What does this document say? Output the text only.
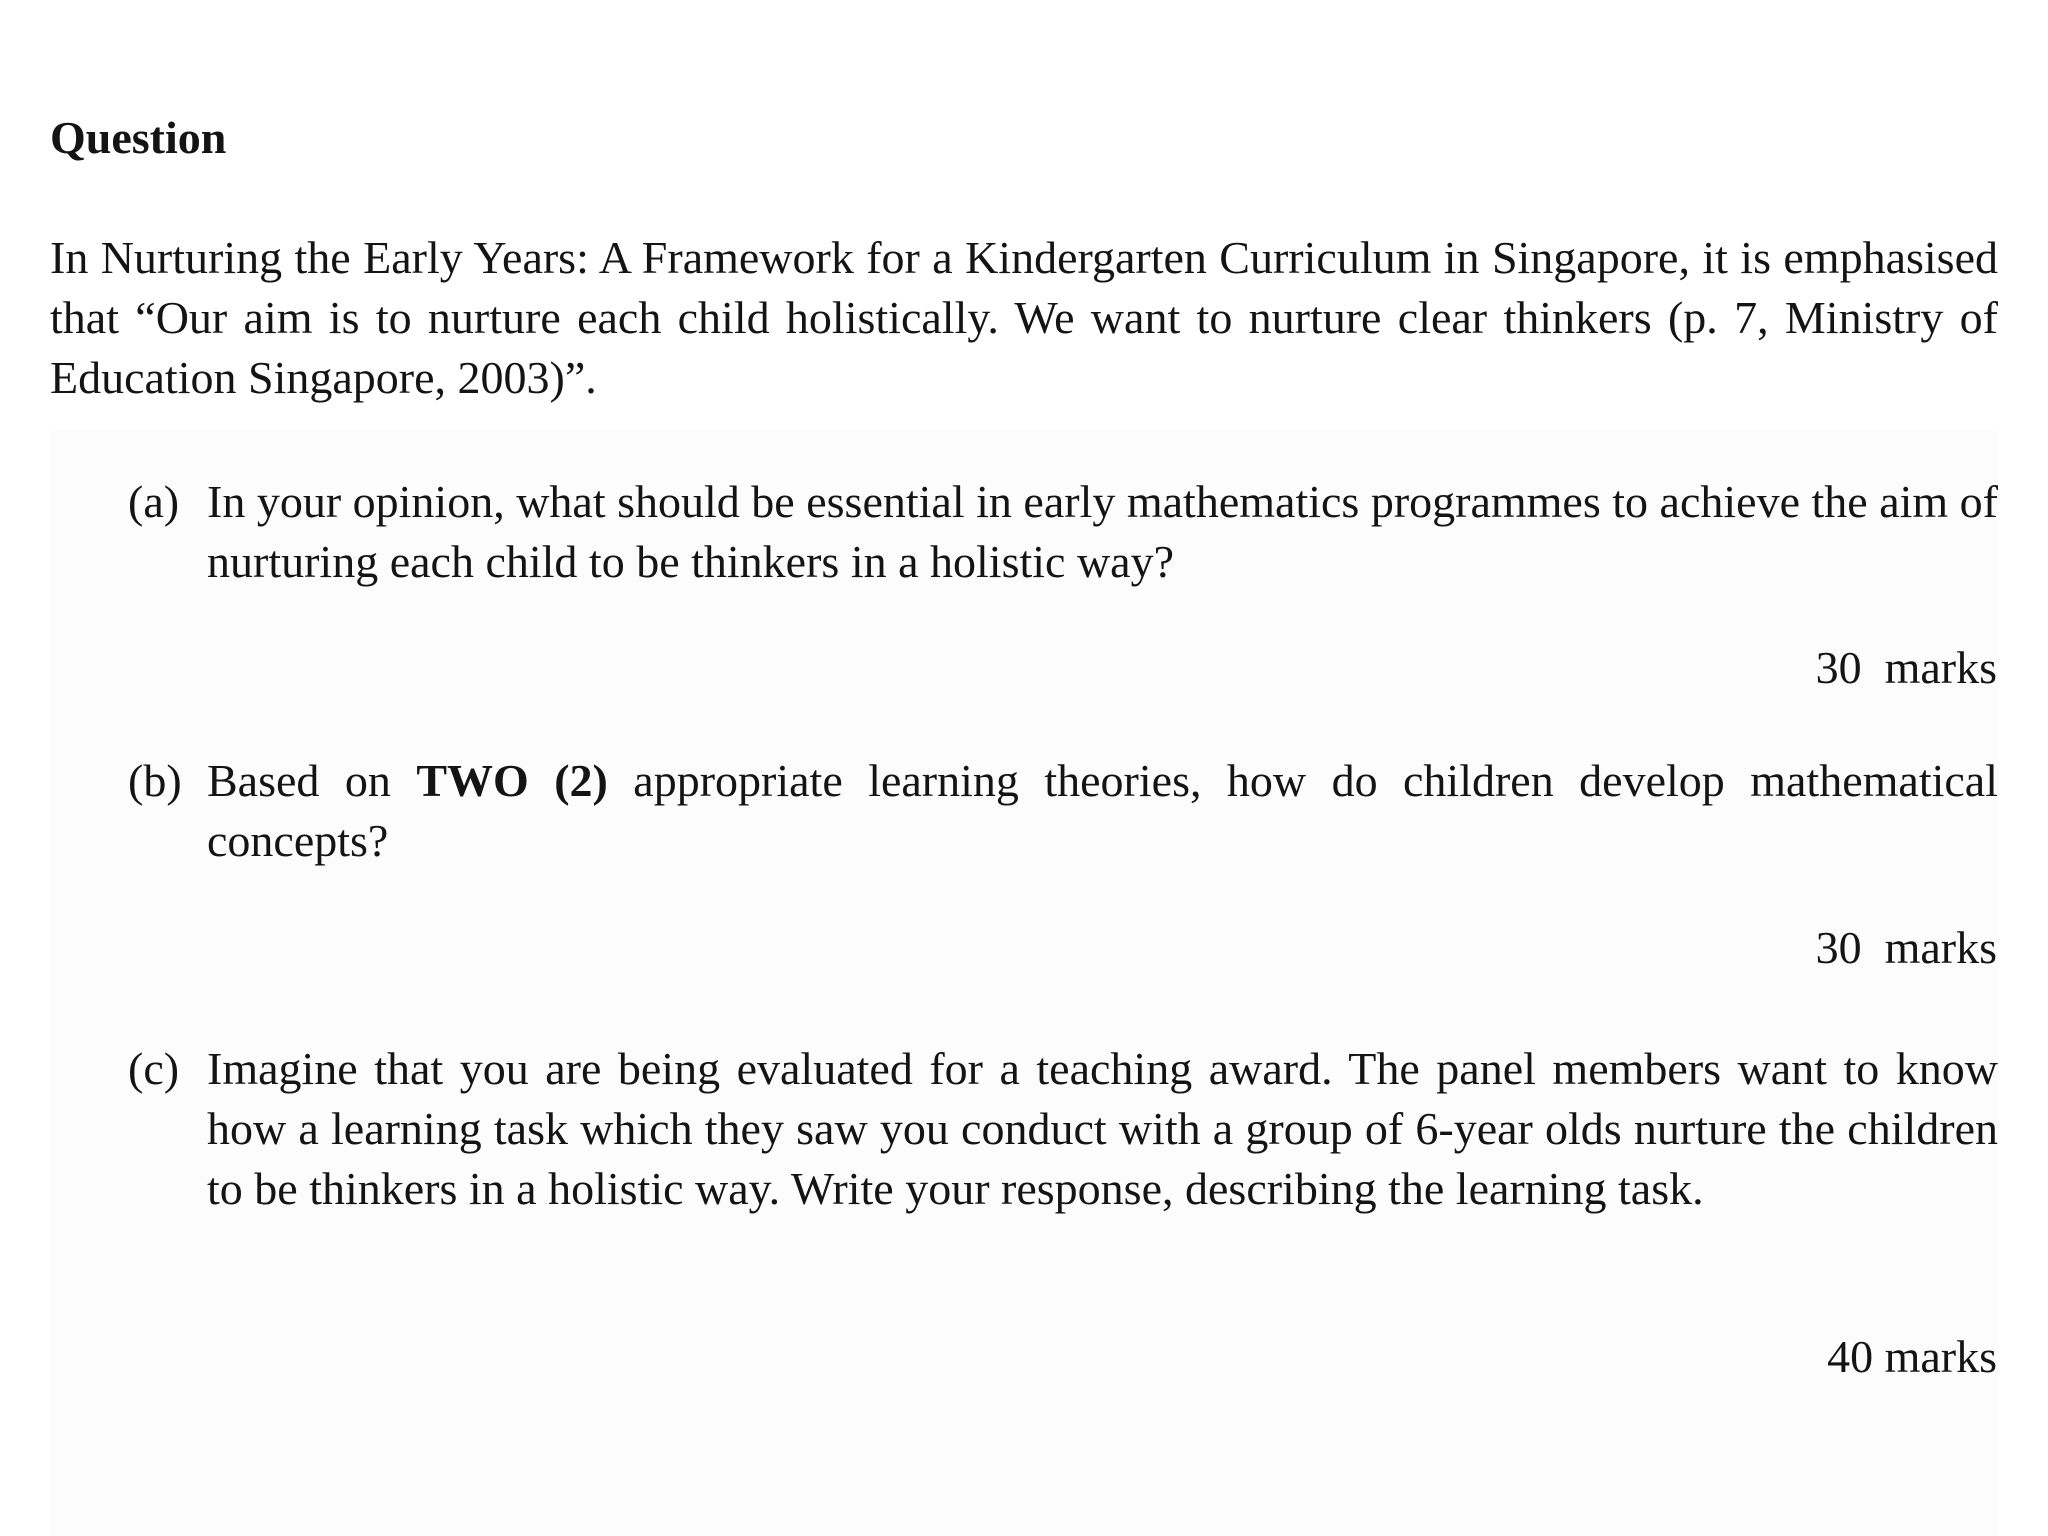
Question

In Nurturing the Early Years: A Framework for a Kindergarten Curriculum in Singapore, it is emphasised that “Our aim is to nurture each child holistically. We want to nurture clear thinkers (p. 7, Ministry of Education Singapore, 2003)”.

(a) In your opinion, what should be essential in early mathematics programmes to achieve the aim of nurturing each child to be thinkers in a holistic way?

30  marks

(b) Based on TWO (2) appropriate learning theories, how do children develop mathematical concepts?

30  marks

(c) Imagine that you are being evaluated for a teaching award. The panel members want to know how a learning task which they saw you conduct with a group of 6-year olds nurture the children to be thinkers in a holistic way. Write your response, describing the learning task.

40 marks
